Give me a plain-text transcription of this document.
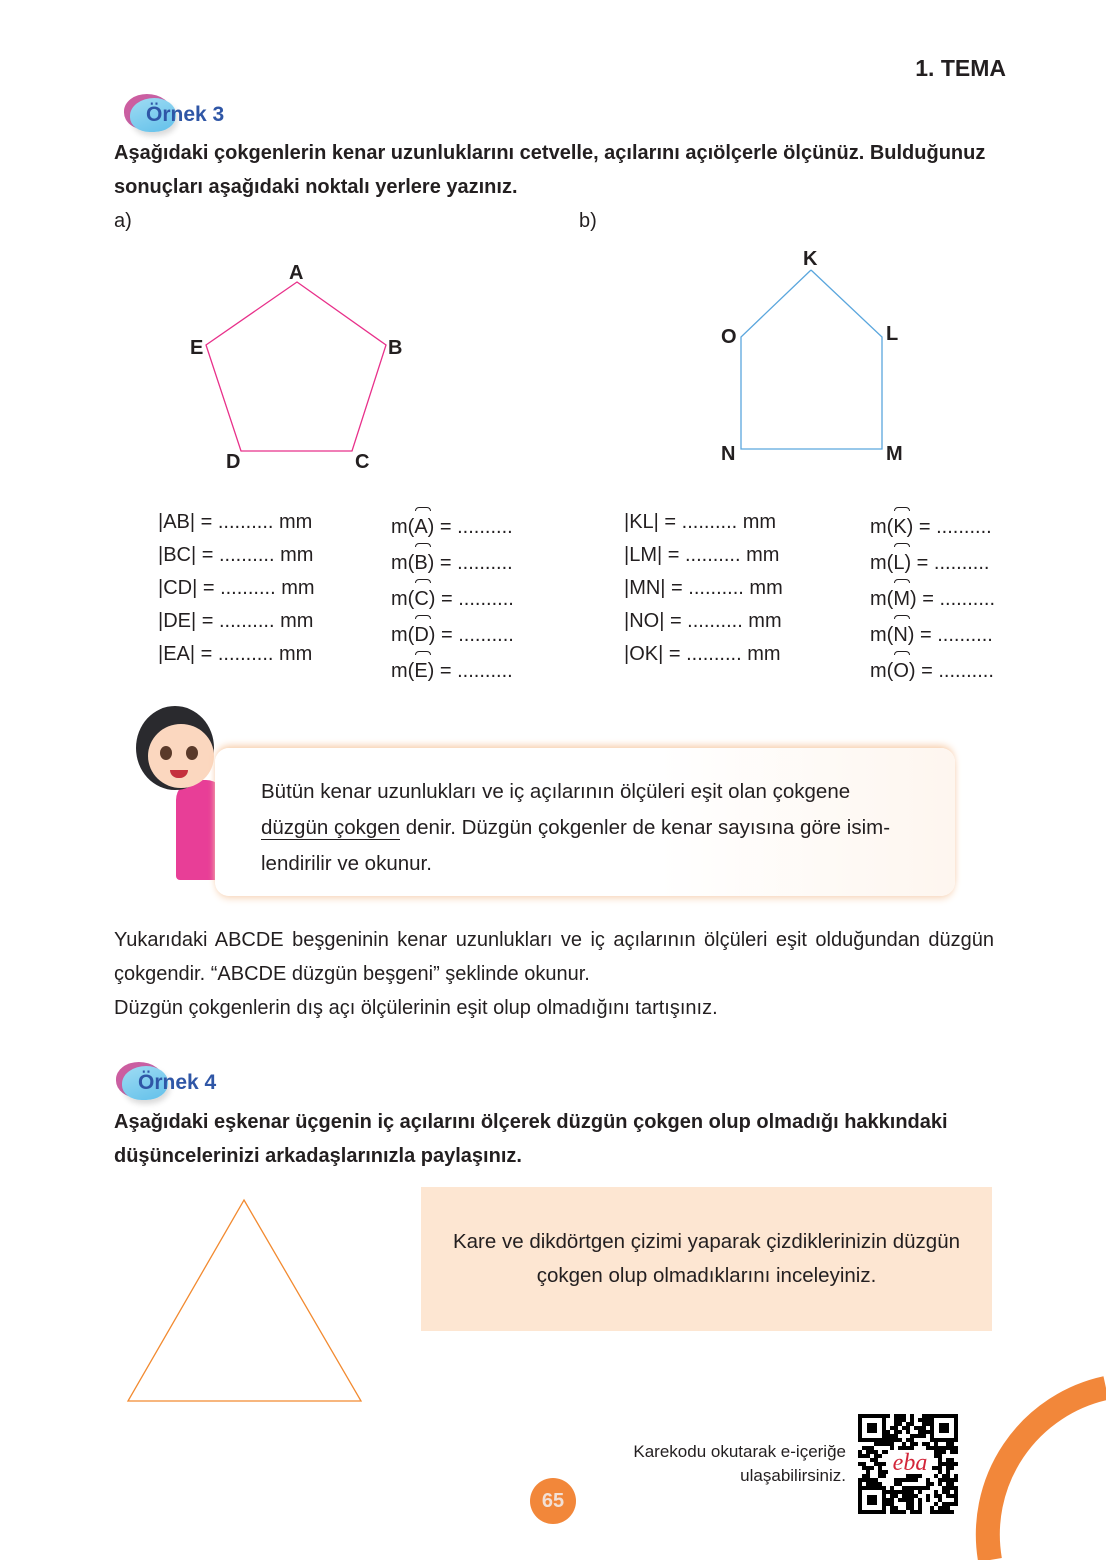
1. TEMA
Örnek 3
Aşağıdaki çokgenlerin kenar uzunluklarını cetvelle, açılarını açıölçerle ölçünüz. Bulduğunuz sonuçları aşağıdaki noktalı yerlere yazınız.
a)	b)
A
B
C
D
E
K
L
M
N
O
|AB| = .......... mm
|BC| = .......... mm
|CD| = .......... mm
|DE| = .......... mm
|EA| = .......... mm
|KL| = .......... mm
|LM| = .......... mm
|MN| = .......... mm
|NO| = .......... mm
|OK| = .......... mm
m(
A) = ..........
m(
B) = ..........
m(
C) = ..........
m(
D) = ..........
m(
E) = ..........
m(
K) = ..........
m(
L) = ..........
m(
M) = ..........
m(
N) = ..........
m(
O) = ..........
Bütün kenar uzunlukları ve iç açılarının ölçüleri eşit olan çokgene
düzgün çokgen denir. Düzgün çokgenler de kenar sayısına göre isim-
lendirilir ve okunur.
Yukarıdaki ABCDE beşgeninin kenar uzunlukları ve iç açılarının ölçüleri eşit olduğundan düzgün çokgendir. “ABCDE düzgün beşgeni” şeklinde okunur.
Düzgün çokgenlerin dış açı ölçülerinin eşit olup olmadığını tartışınız.
Örnek 4
Aşağıdaki eşkenar üçgenin iç açılarını ölçerek düzgün çokgen olup olmadığı hakkındaki düşüncelerinizi arkadaşlarınızla paylaşınız.
Kare ve dikdörtgen çizimi yaparak çizdiklerinizin düzgün çokgen olup olmadıklarını inceleyiniz.
65
Karekodu okutarak e-içeriğe
ulaşabilirsiniz. eba
